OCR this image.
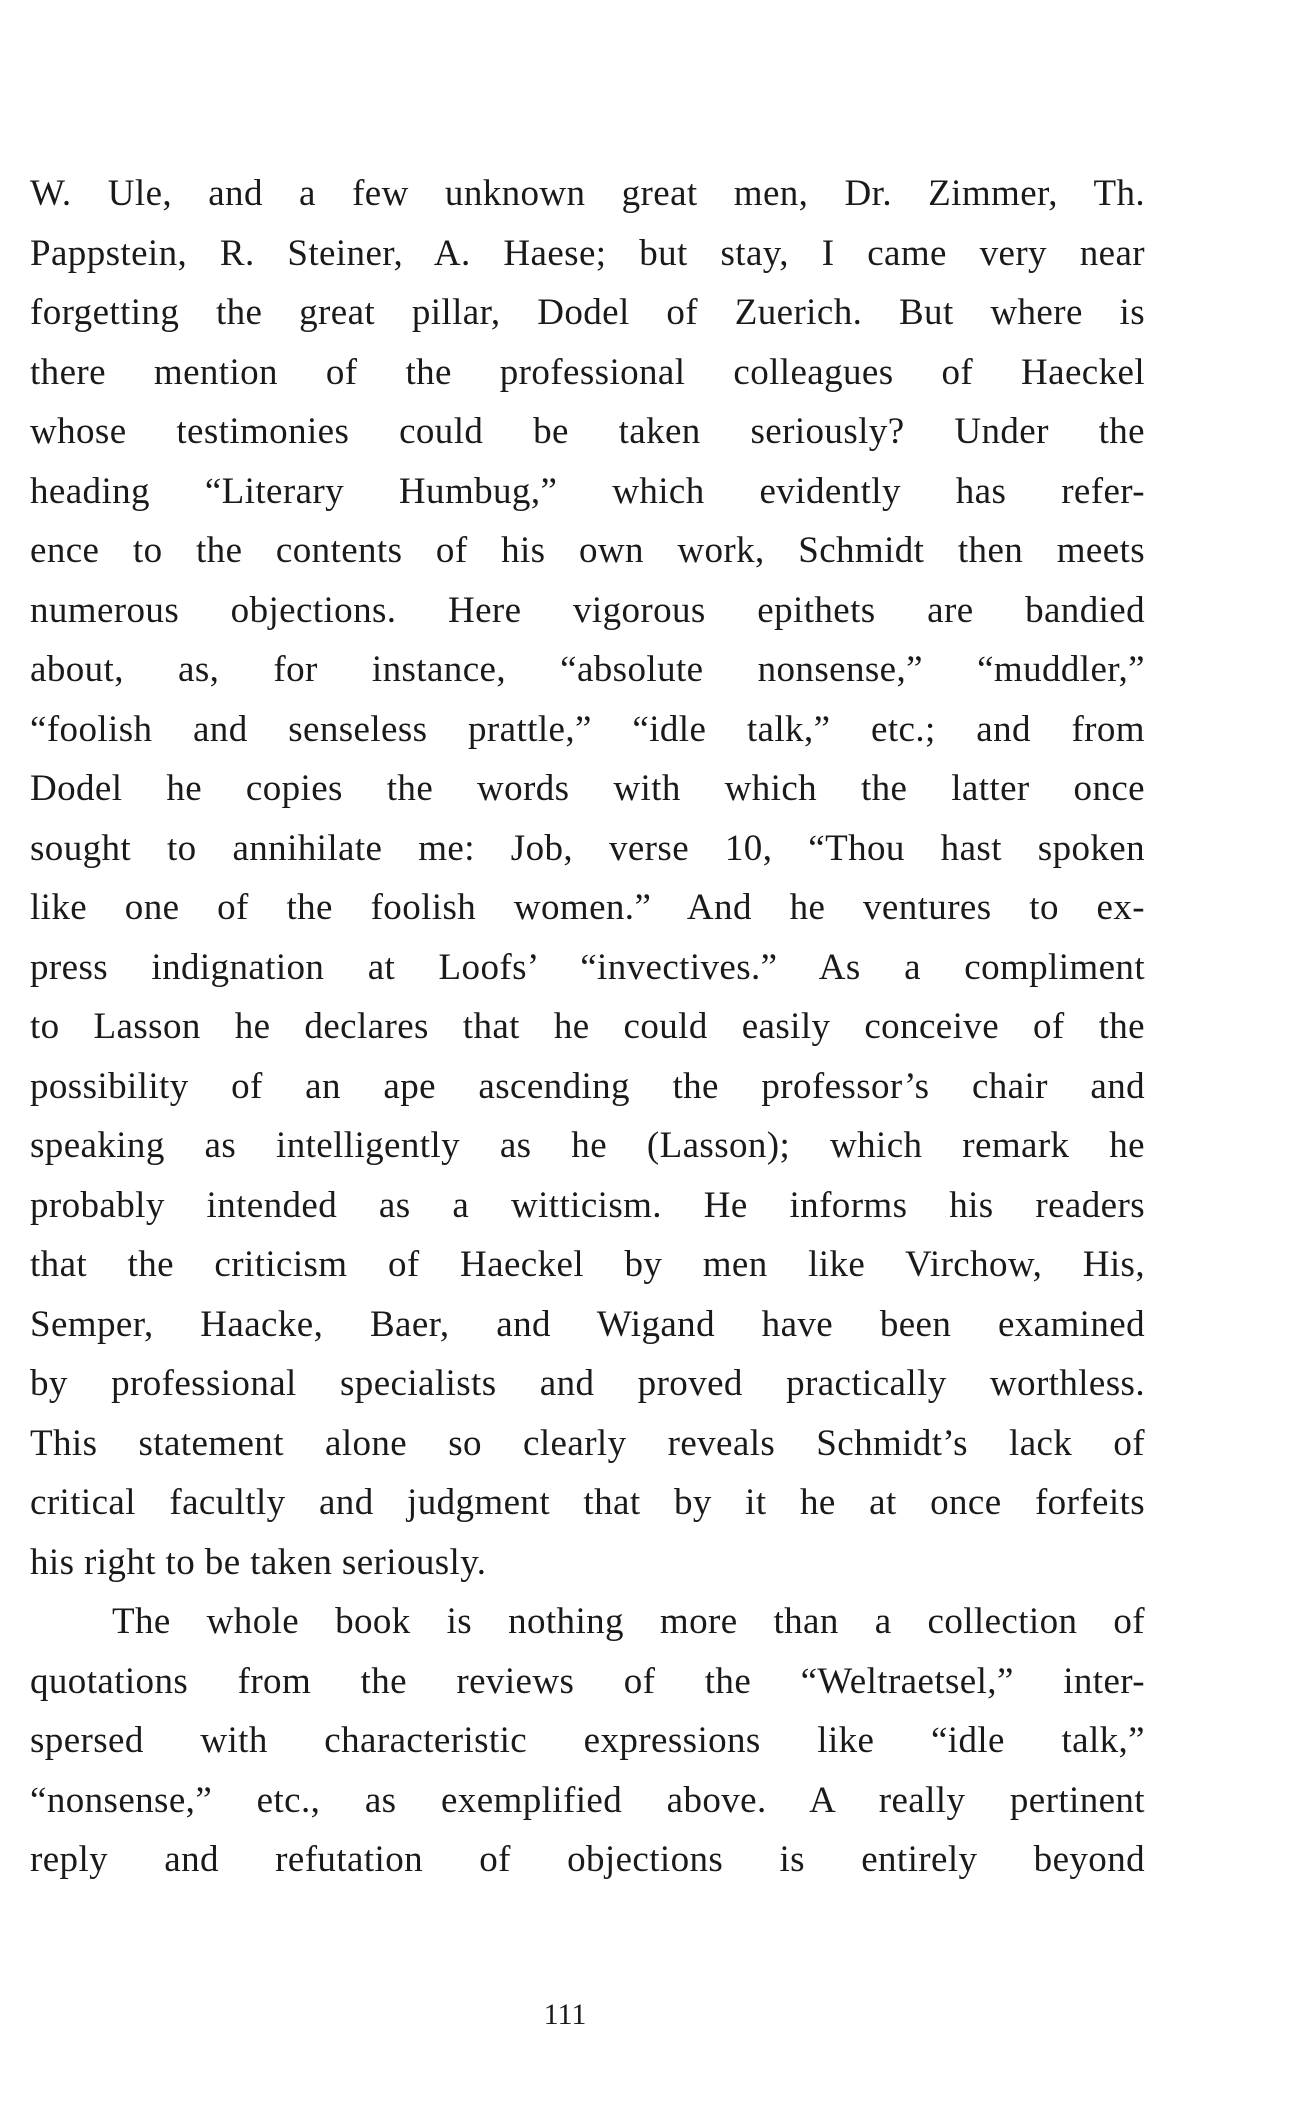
W. Ule, and a few unknown great men, Dr. Zimmer, Th.
Pappstein, R. Steiner, A. Haese; but stay, I came very near
forgetting the great pillar, Dodel of Zuerich. But where is
there mention of the professional colleagues of Haeckel
whose testimonies could be taken seriously? Under the
heading “Literary Humbug,” which evidently has refer-
ence to the contents of his own work, Schmidt then meets
numerous objections. Here vigorous epithets are bandied
about, as, for instance, “absolute nonsense,” “muddler,”
“foolish and senseless prattle,” “idle talk,” etc.; and from
Dodel he copies the words with which the latter once
sought to annihilate me: Job, verse 10, “Thou hast spoken
like one of the foolish women.” And he ventures to ex-
press indignation at Loofs’ “invectives.” As a compliment
to Lasson he declares that he could easily conceive of the
possibility of an ape ascending the professor’s chair and
speaking as intelligently as he (Lasson); which remark he
probably intended as a witticism. He informs his readers
that the criticism of Haeckel by men like Virchow, His,
Semper, Haacke, Baer, and Wigand have been examined
by professional specialists and proved practically worthless.
This statement alone so clearly reveals Schmidt’s lack of
critical facultly and judgment that by it he at once forfeits
his right to be taken seriously.
The whole book is nothing more than a collection of
quotations from the reviews of the “Weltraetsel,” inter-
spersed with characteristic expressions like “idle talk,”
“nonsense,” etc., as exemplified above. A really pertinent
reply and refutation of objections is entirely beyond
111
